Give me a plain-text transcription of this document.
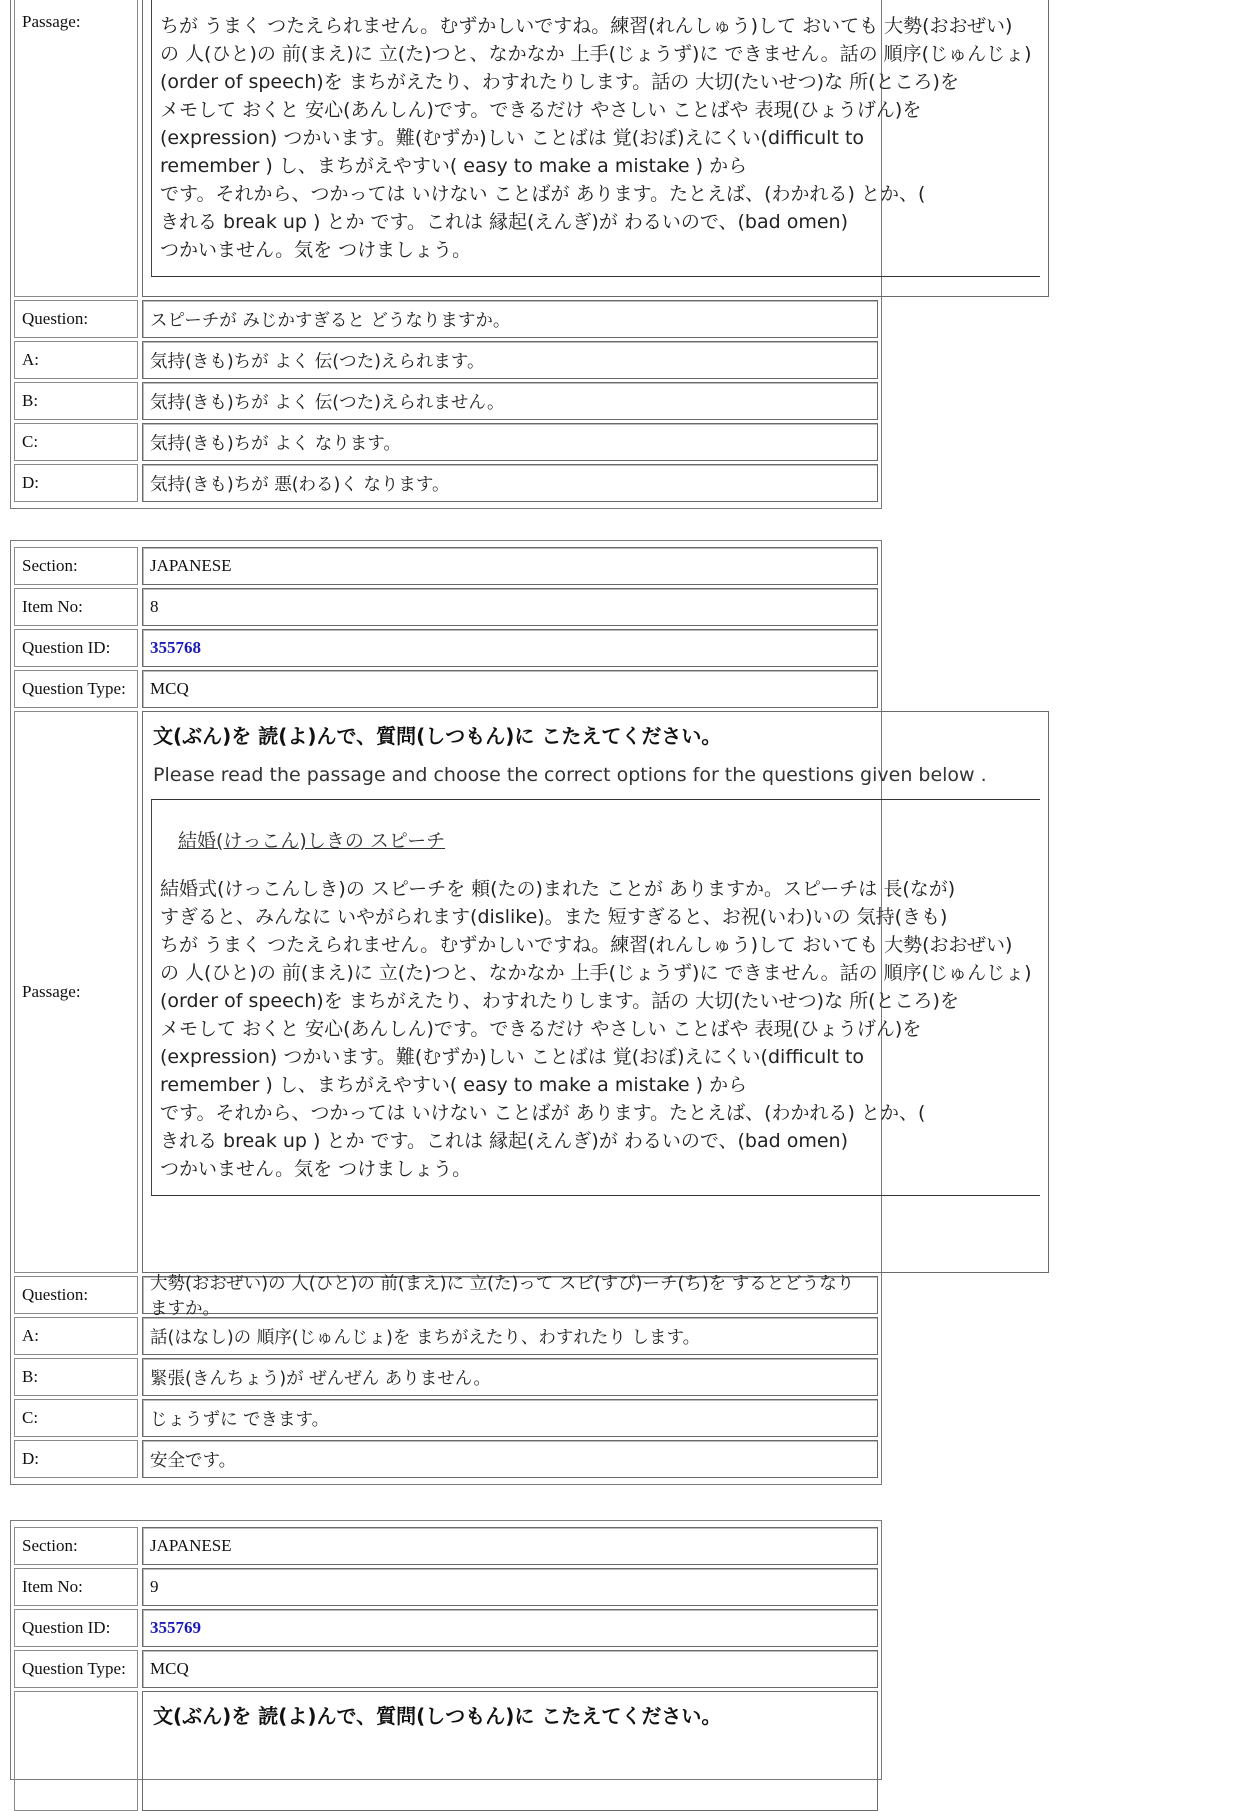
Passage:	ちが うまく つたえられません。むずかしいですね。練習(れんしゅう)して おいても 大勢(おおぜい)
の 人(ひと)の 前(まえ)に 立(た)つと、なかなか 上手(じょうず)に できません。話の 順序(じゅんじょ)
(order of speech)を まちがえたり、わすれたりします。話の 大切(たいせつ)な 所(ところ)を
メモして おくと 安心(あんしん)です。できるだけ やさしい ことばや 表現(ひょうげん)を
(expression) つかいます。難(むずか)しい ことばは 覚(おぼ)えにくい(difficult to
remember ) し、まちがえやすい( easy to make a mistake ) から
です。それから、つかっては いけない ことばが あります。たとえば、(わかれる) とか、(
きれる break up ) とか です。これは 縁起(えんぎ)が わるいので、(bad omen)
つかいません。気を つけましょう。
Question:	スピーチが みじかすぎると どうなりますか。
A:	気持(きも)ちが よく 伝(つた)えられます。
B:	気持(きも)ちが よく 伝(つた)えられません。
C:	気持(きも)ちが よく なります。
D:	気持(きも)ちが 悪(わる)く なります。
Section:	JAPANESE
Item No:	8
Question ID:	355768
Question Type:	MCQ
Passage:
文(ぶん)を 読(よ)んで、質問(しつもん)に こたえてください。
Please read the passage and choose the correct options for the questions given below .
結婚(けっこん)しきの スピーチ
結婚式(けっこんしき)の スピーチを 頼(たの)まれた ことが ありますか。スピーチは 長(なが)
すぎると、みんなに いやがられます(dislike)。また 短すぎると、お祝(いわ)いの 気持(きも)
ちが うまく つたえられません。むずかしいですね。練習(れんしゅう)して おいても 大勢(おおぜい)
の 人(ひと)の 前(まえ)に 立(た)つと、なかなか 上手(じょうず)に できません。話の 順序(じゅんじょ)
(order of speech)を まちがえたり、わすれたりします。話の 大切(たいせつ)な 所(ところ)を
メモして おくと 安心(あんしん)です。できるだけ やさしい ことばや 表現(ひょうげん)を
(expression) つかいます。難(むずか)しい ことばは 覚(おぼ)えにくい(difficult to
remember ) し、まちがえやすい( easy to make a mistake ) から
です。それから、つかっては いけない ことばが あります。たとえば、(わかれる) とか、(
きれる break up ) とか です。これは 縁起(えんぎ)が わるいので、(bad omen)
つかいません。気を つけましょう。
Question:
大勢(おおぜい)の 人(ひと)の 前(まえ)に 立(た)って スピ(すぴ)ーチ(ち)を するとどうなりますか。
A:	話(はなし)の 順序(じゅんじょ)を まちがえたり、わすれたり します。
B:	緊張(きんちょう)が ぜんぜん ありません。
C:	じょうずに できます。
D:	安全です。
Section:	JAPANESE
Item No:	9
Question ID:	355769
Question Type:	MCQ
文(ぶん)を 読(よ)んで、質問(しつもん)に こたえてください。
